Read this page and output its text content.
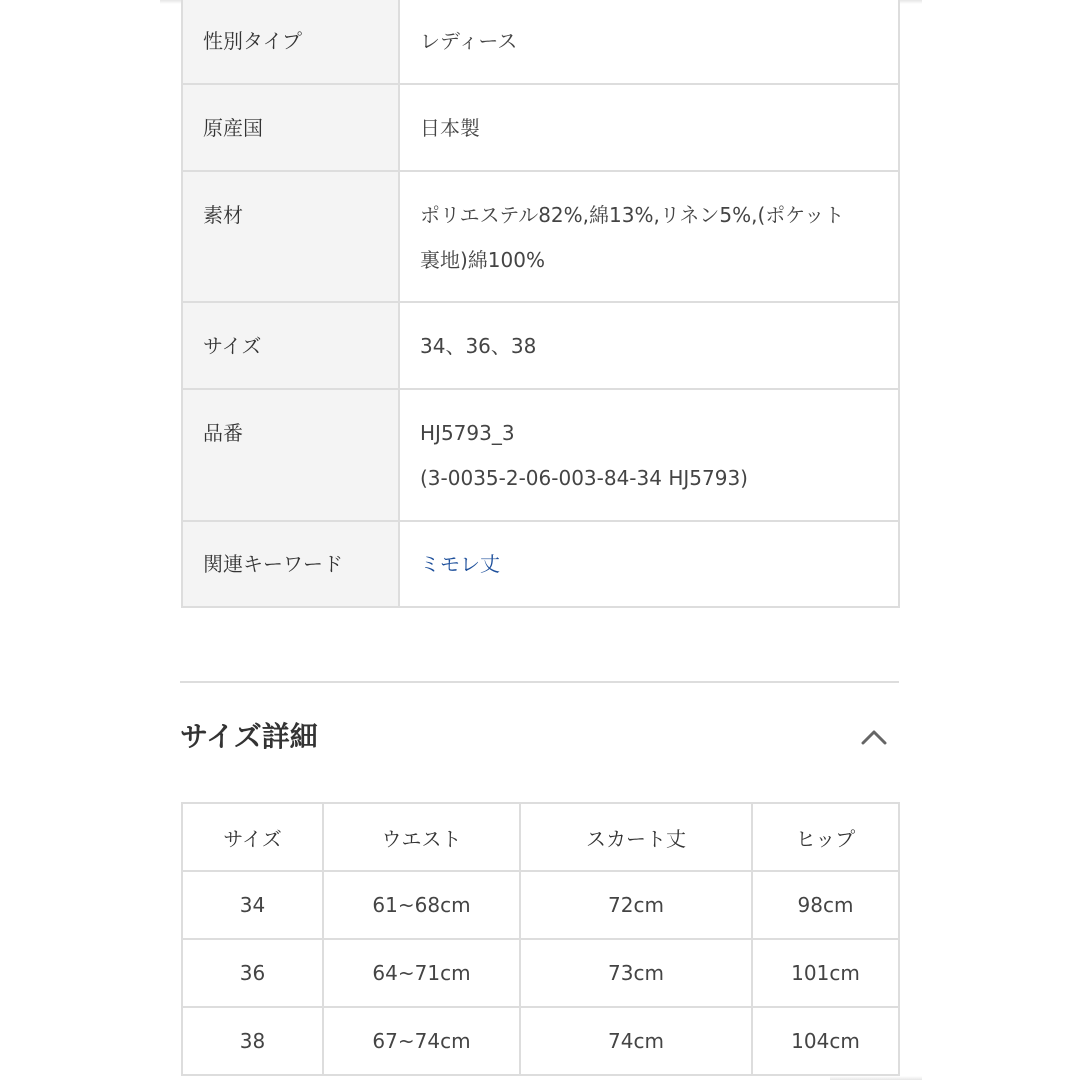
性別タイプ	レディース
原産国	日本製
素材	ポリエステル82%,綿13%,リネン5%,(ポケット
裏地)綿100%

サイズ	34、36、38
品番	HJ5793_3
(3-0035-2-06-003-84-34 HJ5793)

関連キーワード	ミモレ丈
サイズ詳細
サイズ	ウエスト	スカート丈	ヒップ
34	61~68cm	72cm	98cm
36	64~71cm	73cm	101cm
38	67~74cm	74cm	104cm
